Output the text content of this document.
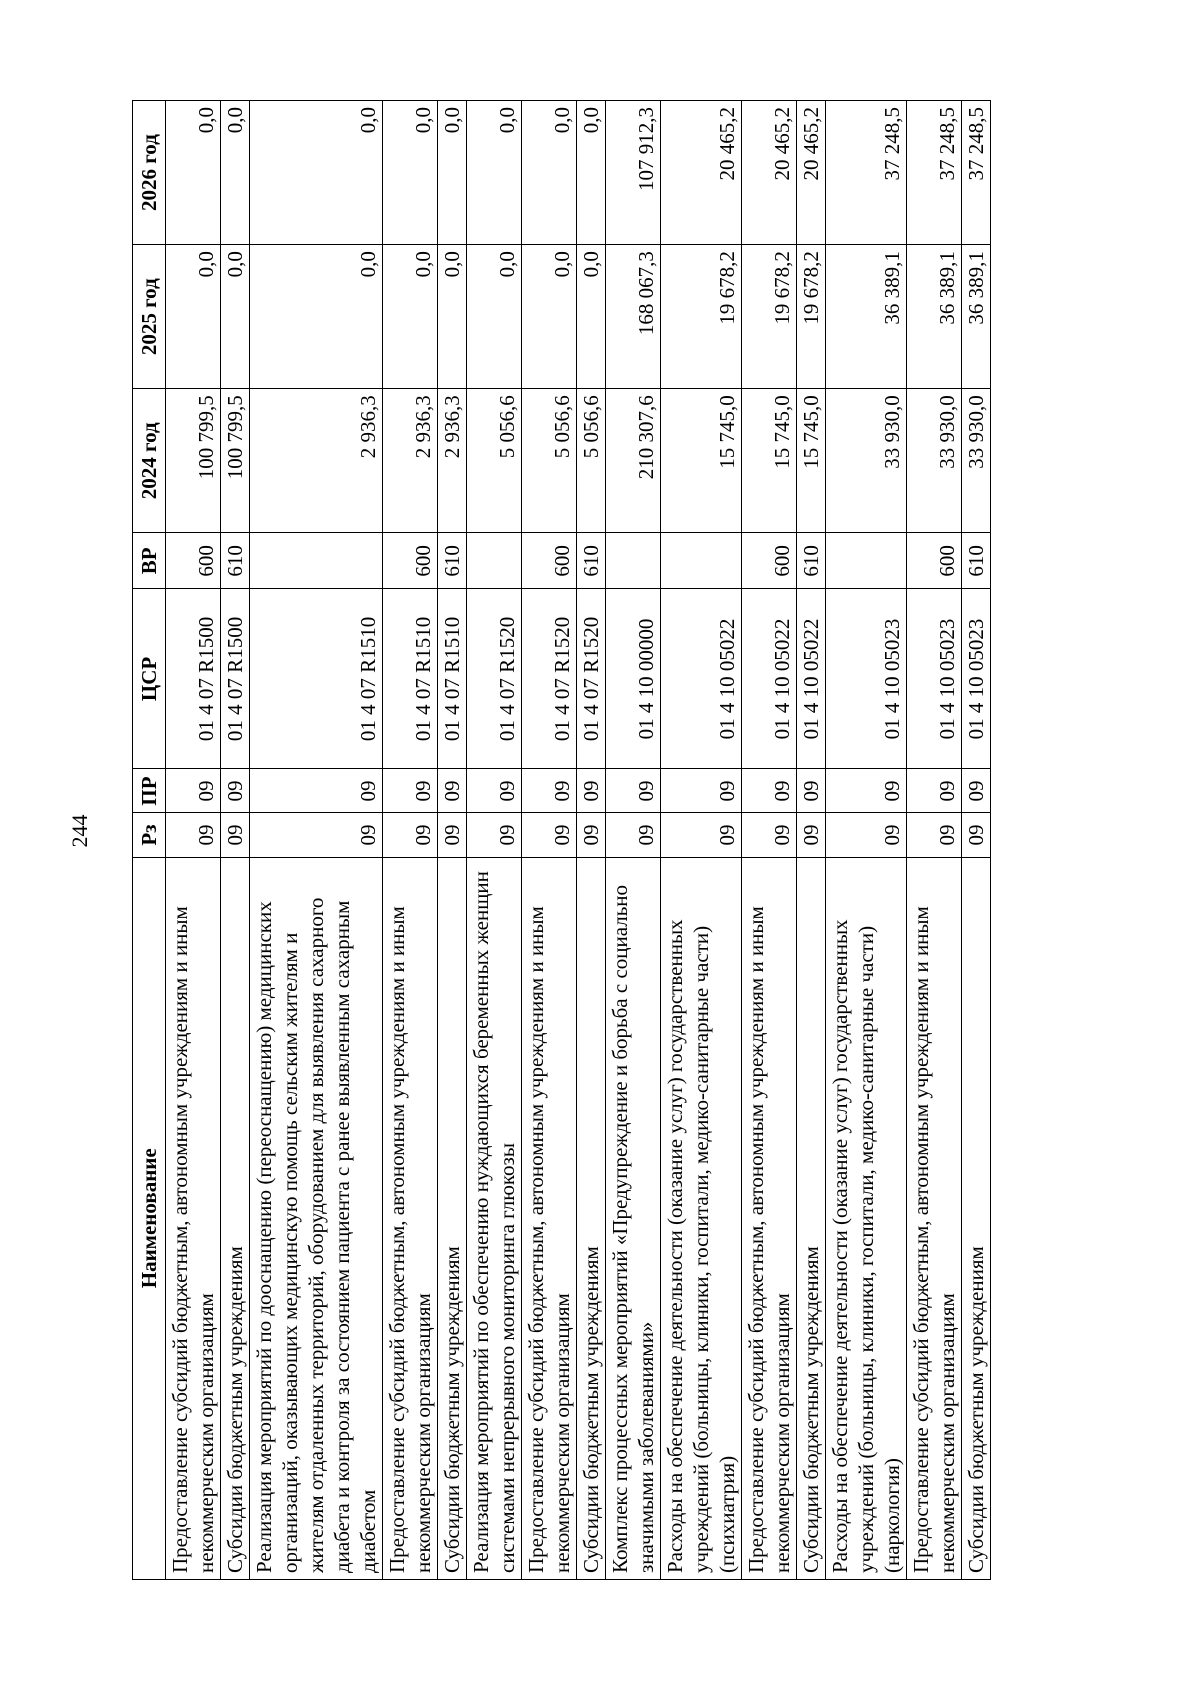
244
Наименование	Рз	ПР	ЦСР	ВР	2024 год	2025 год	2026 год
Предоставление субсидий бюджетным, автономным учреждениям и иным некоммерческим организациям	09	09	01 4 07 R1500	600	100 799,5	0,0	0,0
Субсидии бюджетным учреждениям	09	09	01 4 07 R1500	610	100 799,5	0,0	0,0
Реализация мероприятий по дооснащению (переоснащению) медицинских организаций, оказывающих медицинскую помощь сельским жителям и жителям отдаленных территорий, оборудованием для выявления сахарного диабета и контроля за состоянием пациента с ранее выявленным сахарным диабетом	09	09	01 4 07 R1510		2 936,3	0,0	0,0
Предоставление субсидий бюджетным, автономным учреждениям и иным некоммерческим организациям	09	09	01 4 07 R1510	600	2 936,3	0,0	0,0
Субсидии бюджетным учреждениям	09	09	01 4 07 R1510	610	2 936,3	0,0	0,0
Реализация мероприятий по обеспечению нуждающихся беременных женщин системами непрерывного мониторинга глюкозы	09	09	01 4 07 R1520		5 056,6	0,0	0,0
Предоставление субсидий бюджетным, автономным учреждениям и иным некоммерческим организациям	09	09	01 4 07 R1520	600	5 056,6	0,0	0,0
Субсидии бюджетным учреждениям	09	09	01 4 07 R1520	610	5 056,6	0,0	0,0
Комплекс процессных мероприятий «Предупреждение и борьба с социально значимыми заболеваниями»	09	09	01 4 10 00000		210 307,6	168 067,3	107 912,3
Расходы на обеспечение деятельности (оказание услуг) государственных учреждений (больницы, клиники, госпитали, медико-санитарные части) (психиатрия)	09	09	01 4 10 05022		15 745,0	19 678,2	20 465,2
Предоставление субсидий бюджетным, автономным учреждениям и иным некоммерческим организациям	09	09	01 4 10 05022	600	15 745,0	19 678,2	20 465,2
Субсидии бюджетным учреждениям	09	09	01 4 10 05022	610	15 745,0	19 678,2	20 465,2
Расходы на обеспечение деятельности (оказание услуг) государственных учреждений (больницы, клиники, госпитали, медико-санитарные части) (наркология)	09	09	01 4 10 05023		33 930,0	36 389,1	37 248,5
Предоставление субсидий бюджетным, автономным учреждениям и иным некоммерческим организациям	09	09	01 4 10 05023	600	33 930,0	36 389,1	37 248,5
Субсидии бюджетным учреждениям	09	09	01 4 10 05023	610	33 930,0	36 389,1	37 248,5
